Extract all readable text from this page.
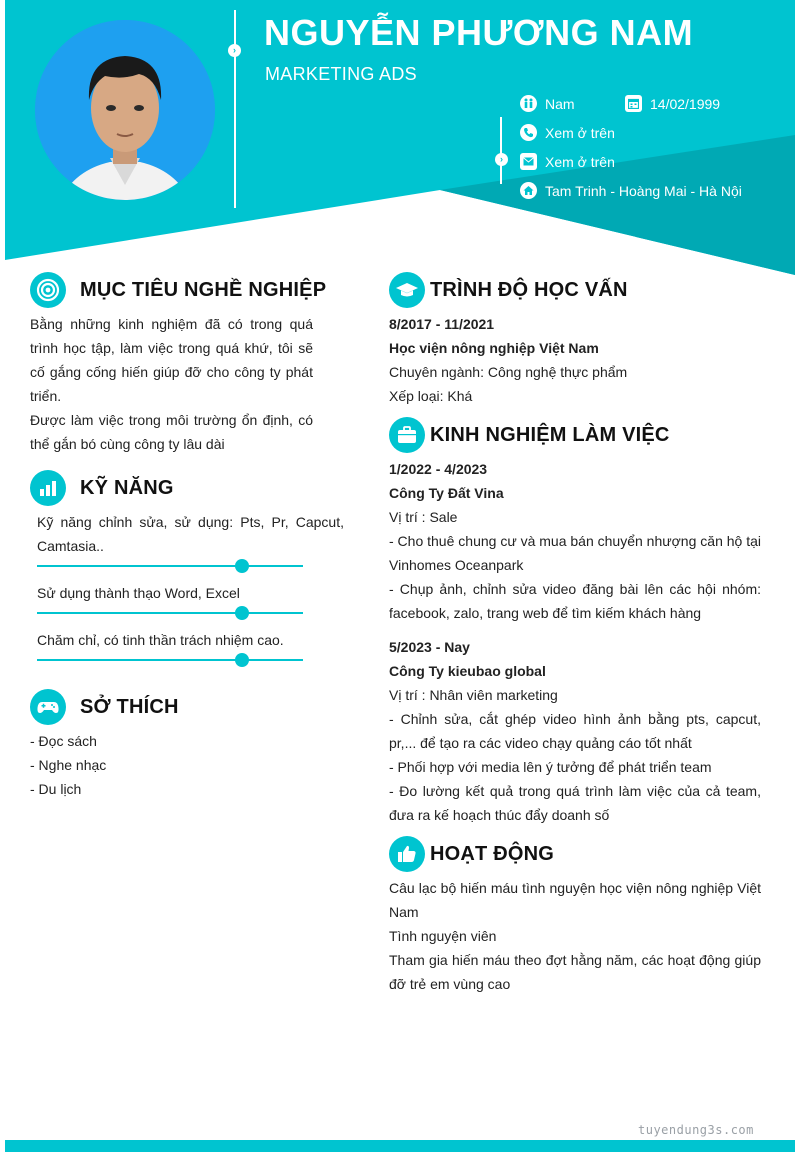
› NGUYỄN PHƯƠNG NAM
MARKETING ADS
›
Nam	14/02/1999
Xem ở trên
Xem ở trên
Tam Trinh - Hoàng Mai - Hà Nội
MỤC TIÊU NGHỀ NGHIỆP
Bằng những kinh nghiệm đã có trong quá trình học tập, làm việc trong quá khứ, tôi sẽ cố gắng cống hiến giúp đỡ cho công ty phát triển.
Được làm việc trong môi trường ổn định, có thể gắn bó cùng công ty lâu dài
KỸ NĂNG
Kỹ năng chỉnh sửa, sử dụng: Pts, Pr, Capcut, Camtasia..
Sử dụng thành thạo Word, Excel
Chăm chỉ, có tinh thần trách nhiệm cao.
SỞ THÍCH
- Đọc sách
- Nghe nhạc
- Du lịch
TRÌNH ĐỘ HỌC VẤN
8/2017 - 11/2021
Học viện nông nghiệp Việt Nam
Chuyên ngành: Công nghệ thực phẩm
Xếp loại: Khá
KINH NGHIỆM LÀM VIỆC
1/2022 - 4/2023
Công Ty Đất Vina
Vị trí : Sale
- Cho thuê chung cư và mua bán chuyển nhượng căn hộ tại Vinhomes Oceanpark
- Chụp ảnh, chỉnh sửa video đăng bài lên các hội nhóm: facebook, zalo, trang web để tìm kiếm khách hàng
5/2023 - Nay
Công Ty kieubao global
Vị trí : Nhân viên marketing
- Chỉnh sửa, cắt ghép video hình ảnh bằng pts, capcut, pr,... để tạo ra các video chạy quảng cáo tốt nhất
- Phối hợp với media lên ý tưởng để phát triển team
- Đo lường kết quả trong quá trình làm việc của cả team, đưa ra kế hoạch thúc đẩy doanh số
HOẠT ĐỘNG
Câu lạc bộ hiến máu tình nguyện học viện nông nghiệp Việt Nam
Tình nguyện viên
Tham gia hiến máu theo đợt hằng năm, các hoạt động giúp đỡ trẻ em vùng cao
tuyendung3s.com
